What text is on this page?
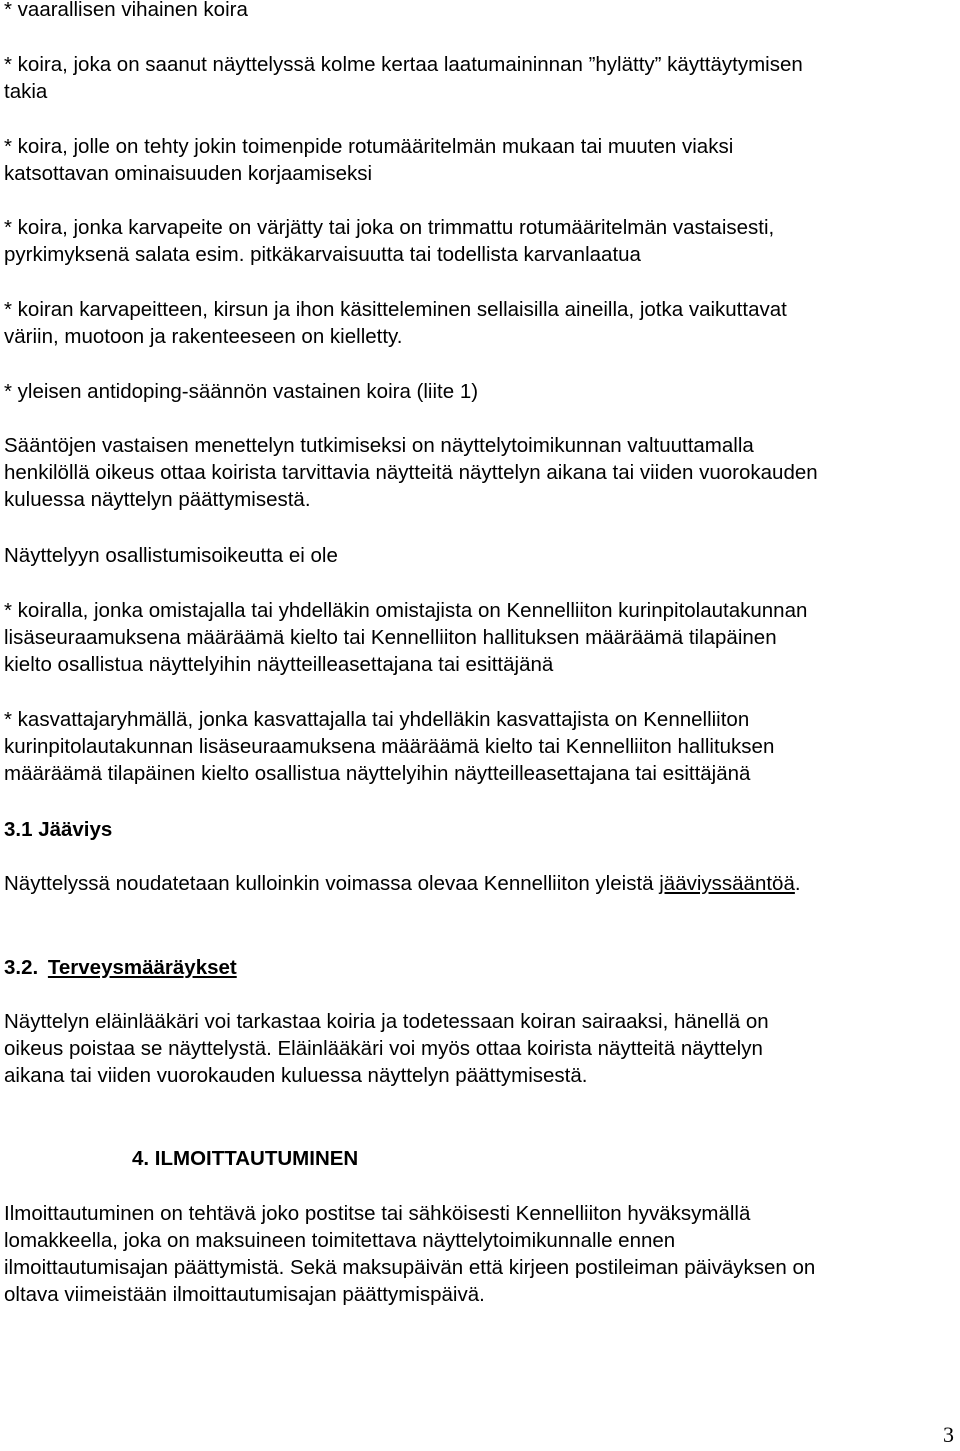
* vaarallisen vihainen koira

* koira, joka on saanut näyttelyssä kolme kertaa laatumaininnan ”hylätty” käyttäytymisen
takia

* koira, jolle on tehty jokin toimenpide rotumääritelmän mukaan tai muuten viaksi
katsottavan ominaisuuden korjaamiseksi

* koira, jonka karvapeite on värjätty tai joka on trimmattu rotumääritelmän vastaisesti,
pyrkimyksenä salata esim. pitkäkarvaisuutta tai todellista karvanlaatua

* koiran karvapeitteen, kirsun ja ihon käsitteleminen sellaisilla aineilla, jotka vaikuttavat
väriin, muotoon ja rakenteeseen on kielletty.

* yleisen antidoping-säännön vastainen koira (liite 1)

Sääntöjen vastaisen menettelyn tutkimiseksi on näyttelytoimikunnan valtuuttamalla
henkilöllä oikeus ottaa koirista tarvittavia näytteitä näyttelyn aikana tai viiden vuorokauden
kuluessa näyttelyn päättymisestä.

Näyttelyyn osallistumisoikeutta ei ole

* koiralla, jonka omistajalla tai yhdelläkin omistajista on Kennelliiton kurinpitolautakunnan
lisäseuraamuksena määräämä kielto tai Kennelliiton hallituksen määräämä tilapäinen
kielto osallistua näyttelyihin näytteilleasettajana tai esittäjänä

* kasvattajaryhmällä, jonka kasvattajalla tai yhdelläkin kasvattajista on Kennelliiton
kurinpitolautakunnan lisäseuraamuksena määräämä kielto tai Kennelliiton hallituksen
määräämä tilapäinen kielto osallistua näyttelyihin näytteilleasettajana tai esittäjänä

3.1 Jääviys

Näyttelyssä noudatetaan kulloinkin voimassa olevaa Kennelliiton yleistä jääviyssääntöä.

3.2. Terveysmääräykset

Näyttelyn eläinlääkäri voi tarkastaa koiria ja todetessaan koiran sairaaksi, hänellä on
oikeus poistaa se näyttelystä. Eläinlääkäri voi myös ottaa koirista näytteitä näyttelyn
aikana tai viiden vuorokauden kuluessa näyttelyn päättymisestä.

4. ILMOITTAUTUMINEN

Ilmoittautuminen on tehtävä joko postitse tai sähköisesti Kennelliiton hyväksymällä
lomakkeella, joka on maksuineen toimitettava näyttelytoimikunnalle ennen
ilmoittautumisajan päättymistä. Sekä maksupäivän että kirjeen postileiman päiväyksen on
oltava viimeistään ilmoittautumisajan päättymispäivä.

3
